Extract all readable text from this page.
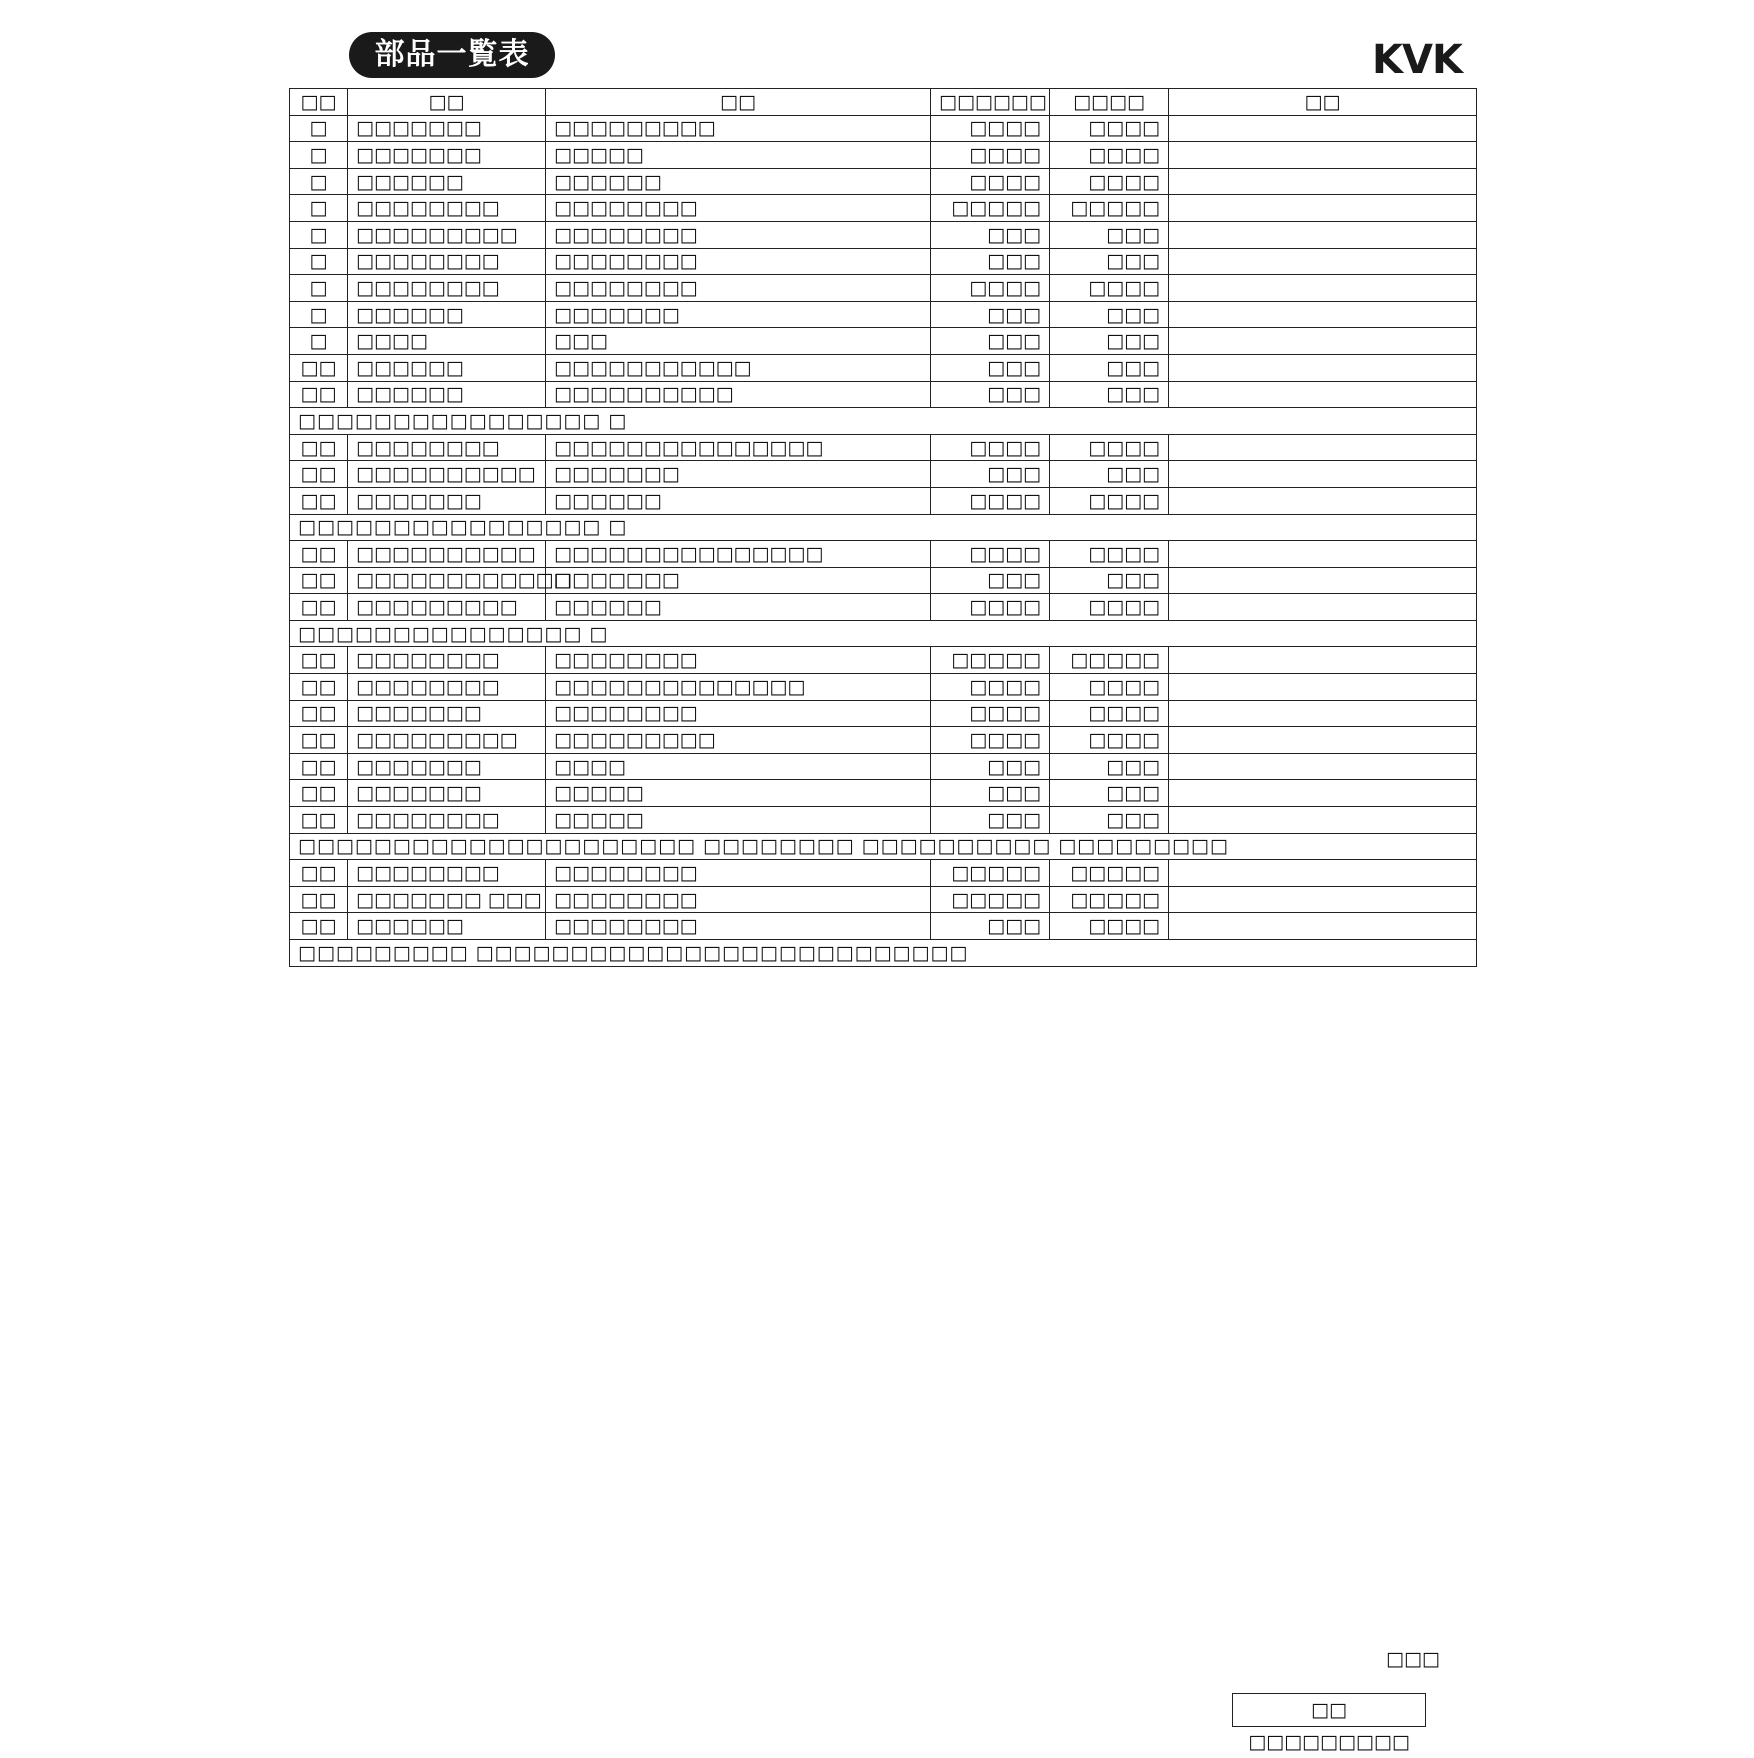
部品一覧表	KVK
□□	□□	□□	□□□□□□	□□□□	□□
□	□□□□□□□	□□□□□□□□□	□□□□	□□□□	
□	□□□□□□□	□□□□□	□□□□	□□□□	
□	□□□□□□	□□□□□□	□□□□	□□□□	
□	□□□□□□□□	□□□□□□□□	□□□□□	□□□□□	
□	□□□□□□□□□	□□□□□□□□	□□□	□□□	
□	□□□□□□□□	□□□□□□□□	□□□	□□□	
□	□□□□□□□□	□□□□□□□□	□□□□	□□□□	
□	□□□□□□	□□□□□□□	□□□	□□□	
□	□□□□	□□□	□□□	□□□	
□□	□□□□□□	□□□□□□□□□□□	□□□	□□□	
□□	□□□□□□	□□□□□□□□□□	□□□	□□□	
□□□□□□□□□□□□□□□□ □					
□□	□□□□□□□□	□□□□□□□□□□□□□□□	□□□□	□□□□	
□□	□□□□□□□□□□	□□□□□□□	□□□	□□□	
□□	□□□□□□□	□□□□□□	□□□□	□□□□	
□□□□□□□□□□□□□□□□ □					
□□	□□□□□□□□□□	□□□□□□□□□□□□□□□	□□□□	□□□□	
□□	□□□□□□□□□□□□	□□□□□□□	□□□	□□□	
□□	□□□□□□□□□	□□□□□□	□□□□	□□□□	
□□□□□□□□□□□□□□□ □					
□□	□□□□□□□□	□□□□□□□□	□□□□□	□□□□□	
□□	□□□□□□□□	□□□□□□□□□□□□□□	□□□□	□□□□	
□□	□□□□□□□	□□□□□□□□	□□□□	□□□□	
□□	□□□□□□□□□	□□□□□□□□□	□□□□	□□□□	
□□	□□□□□□□	□□□□	□□□	□□□	
□□	□□□□□□□	□□□□□	□□□	□□□	
□□	□□□□□□□□	□□□□□	□□□	□□□	
□□□□□□□□□□□□□□□□□□□□□ □□□□□□□□ □□□□□□□□□□ □□□□□□□□□					
□□	□□□□□□□□	□□□□□□□□	□□□□□	□□□□□	
□□	□□□□□□□ □□□	□□□□□□□□	□□□□□	□□□□□	
□□	□□□□□□	□□□□□□□□	□□□	□□□□	
□□□□□□□□□ □□□□□□□□□□□□□□□□□□□□□□□□□□					
□□□
□□ □□□□□□□□□
